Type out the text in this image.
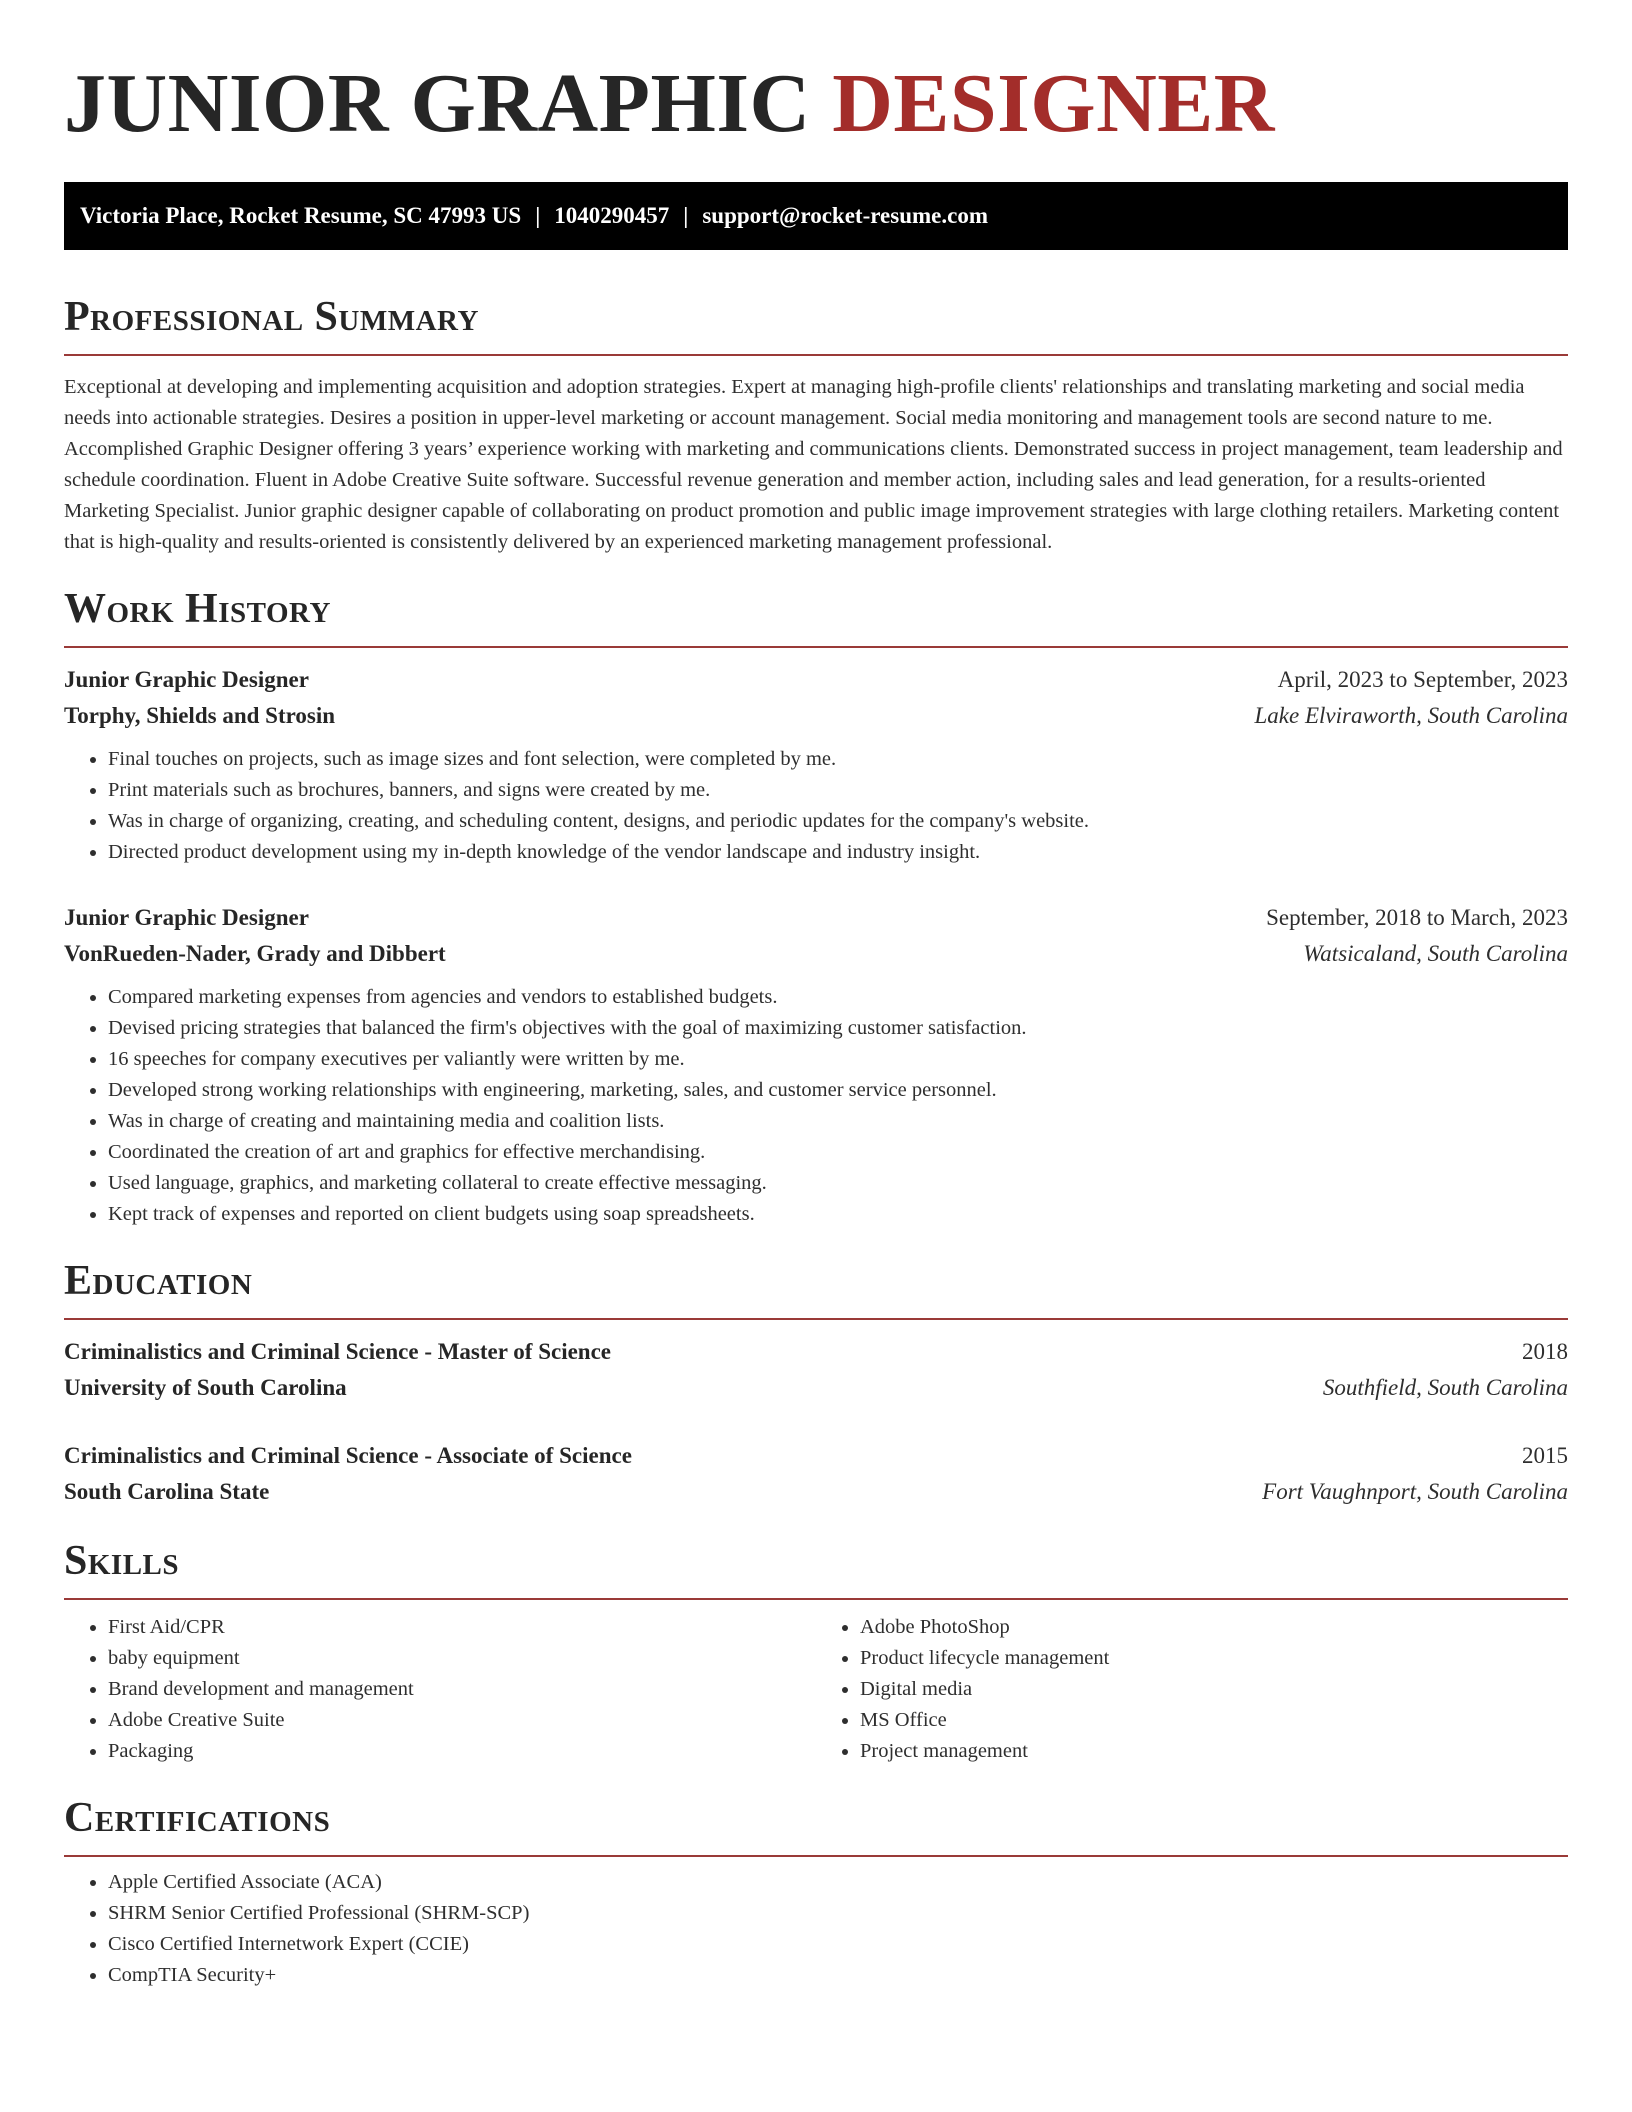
JUNIOR GRAPHIC DESIGNER
Victoria Place, Rocket Resume, SC 47993 US | 1040290457 | support@rocket-resume.com
Professional Summary

Exceptional at developing and implementing acquisition and adoption strategies. Expert at managing high-profile clients' relationships and translating marketing and social media needs into actionable strategies. Desires a position in upper-level marketing or account management. Social media monitoring and management tools are second nature to me. Accomplished Graphic Designer offering 3 years’ experience working with marketing and communications clients. Demonstrated success in project management, team leadership and schedule coordination. Fluent in Adobe Creative Suite software. Successful revenue generation and member action, including sales and lead generation, for a results-oriented Marketing Specialist. Junior graphic designer capable of collaborating on product promotion and public image improvement strategies with large clothing retailers. Marketing content that is high-quality and results-oriented is consistently delivered by an experienced marketing management professional.

Work History
Junior Graphic Designer	April, 2023 to September, 2023
Torphy, Shields and Strosin	Lake Elviraworth, South Carolina
• Final touches on projects, such as image sizes and font selection, were completed by me.
• Print materials such as brochures, banners, and signs were created by me.
• Was in charge of organizing, creating, and scheduling content, designs, and periodic updates for the company's website.
• Directed product development using my in-depth knowledge of the vendor landscape and industry insight.
Junior Graphic Designer	September, 2018 to March, 2023
VonRueden-Nader, Grady and Dibbert	Watsicaland, South Carolina
• Compared marketing expenses from agencies and vendors to established budgets.
• Devised pricing strategies that balanced the firm's objectives with the goal of maximizing customer satisfaction.
• 16 speeches for company executives per valiantly were written by me.
• Developed strong working relationships with engineering, marketing, sales, and customer service personnel.
• Was in charge of creating and maintaining media and coalition lists.
• Coordinated the creation of art and graphics for effective merchandising.
• Used language, graphics, and marketing collateral to create effective messaging.
• Kept track of expenses and reported on client budgets using soap spreadsheets.
Education
Criminalistics and Criminal Science - Master of Science	2018
University of South Carolina	Southfield, South Carolina
Criminalistics and Criminal Science - Associate of Science	2015
South Carolina State	Fort Vaughnport, South Carolina
Skills
• First Aid/CPR
• baby equipment
• Brand development and management
• Adobe Creative Suite
• Packaging
• Adobe PhotoShop
• Product lifecycle management
• Digital media
• MS Office
• Project management
Certifications
• Apple Certified Associate (ACA)
• SHRM Senior Certified Professional (SHRM-SCP)
• Cisco Certified Internetwork Expert (CCIE)
• CompTIA Security+
